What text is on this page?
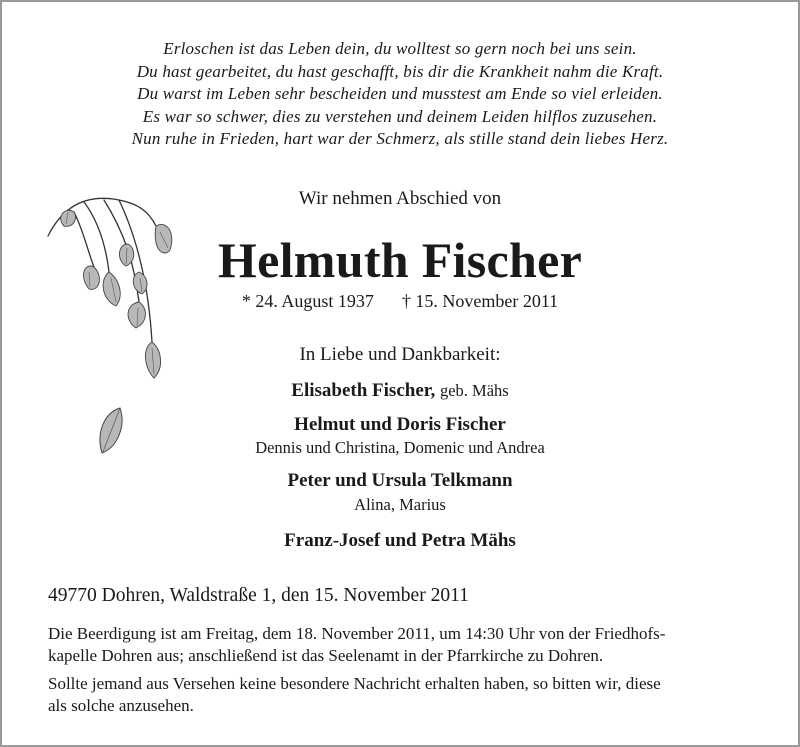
Erloschen ist das Leben dein, du wolltest so gern noch bei uns sein.
Du hast gearbeitet, du hast geschafft, bis dir die Krankheit nahm die Kraft.
Du warst im Leben sehr bescheiden und musstest am Ende so viel erleiden.
Es war so schwer, dies zu verstehen und deinem Leiden hilflos zuzusehen.
Nun ruhe in Frieden, hart war der Schmerz, als stille stand dein liebes Herz.
Wir nehmen Abschied von
Helmuth Fischer
* 24. August 1937 † 15. November 2011
In Liebe und Dankbarkeit:
Elisabeth Fischer, geb. Mähs
Helmut und Doris Fischer
Dennis und Christina, Domenic und Andrea
Peter und Ursula Telkmann
Alina, Marius
Franz-Josef und Petra Mähs
49770 Dohren, Waldstraße 1, den 15. November 2011
Die Beerdigung ist am Freitag, dem 18. November 2011, um 14:30 Uhr von der Friedhofs-
kapelle Dohren aus; anschließend ist das Seelenamt in der Pfarrkirche zu Dohren.
Sollte jemand aus Versehen keine besondere Nachricht erhalten haben, so bitten wir, diese
als solche anzusehen.
